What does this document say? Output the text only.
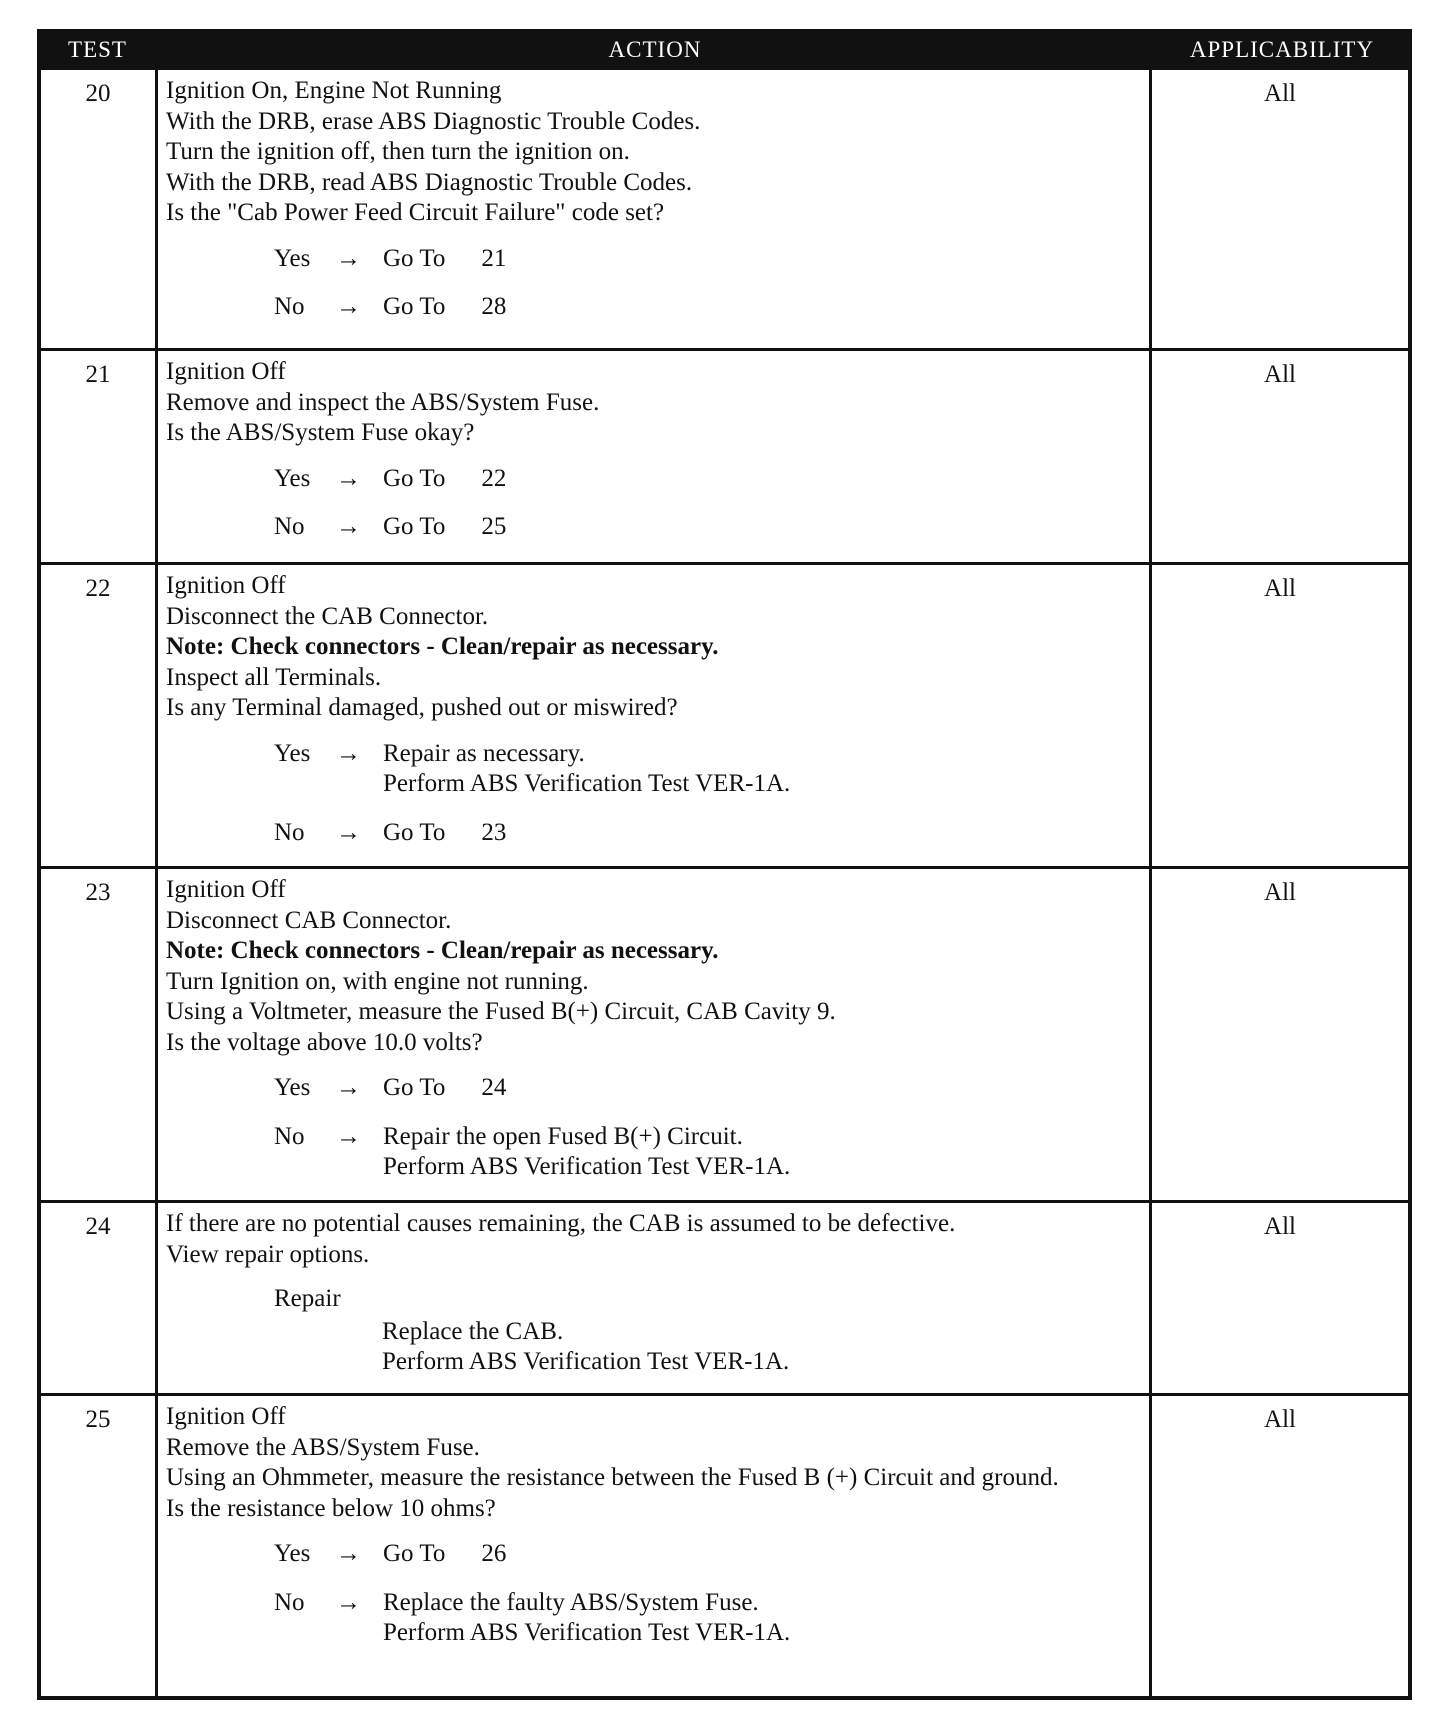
TEST	ACTION	APPLICABILITY
20	Ignition On, Engine Not Running
With the DRB, erase ABS Diagnostic Trouble Codes.
Turn the ignition off, then turn the ignition on.
With the DRB, read ABS Diagnostic Trouble Codes.
Is the "Cab Power Feed Circuit Failure" code set?
Yes	→ Go To	21
No	→ Go To	28
All
21	Ignition Off
Remove and inspect the ABS/System Fuse.
Is the ABS/System Fuse okay?
Yes	→ Go To	22
No	→ Go To	25
All
22	Ignition Off
Disconnect the CAB Connector.
Note: Check connectors - Clean/repair as necessary.
Inspect all Terminals.
Is any Terminal damaged, pushed out or miswired?
Yes	→ Repair as necessary.
Perform ABS Verification Test VER-1A.
No	→ Go To	23
All
23	Ignition Off
Disconnect CAB Connector.
Note: Check connectors - Clean/repair as necessary.
Turn Ignition on, with engine not running.
Using a Voltmeter, measure the Fused B(+) Circuit, CAB Cavity 9.
Is the voltage above 10.0 volts?
Yes	→ Go To	24
No	→ Repair the open Fused B(+) Circuit.
Perform ABS Verification Test VER-1A.
All
24	If there are no potential causes remaining, the CAB is assumed to be defective.
View repair options.
Repair
Replace the CAB.
Perform ABS Verification Test VER-1A.
All
25	Ignition Off
Remove the ABS/System Fuse.
Using an Ohmmeter, measure the resistance between the Fused B (+) Circuit and ground.
Is the resistance below 10 ohms?
Yes	→ Go To	26
No	→ Replace the faulty ABS/System Fuse.
Perform ABS Verification Test VER-1A.
All
